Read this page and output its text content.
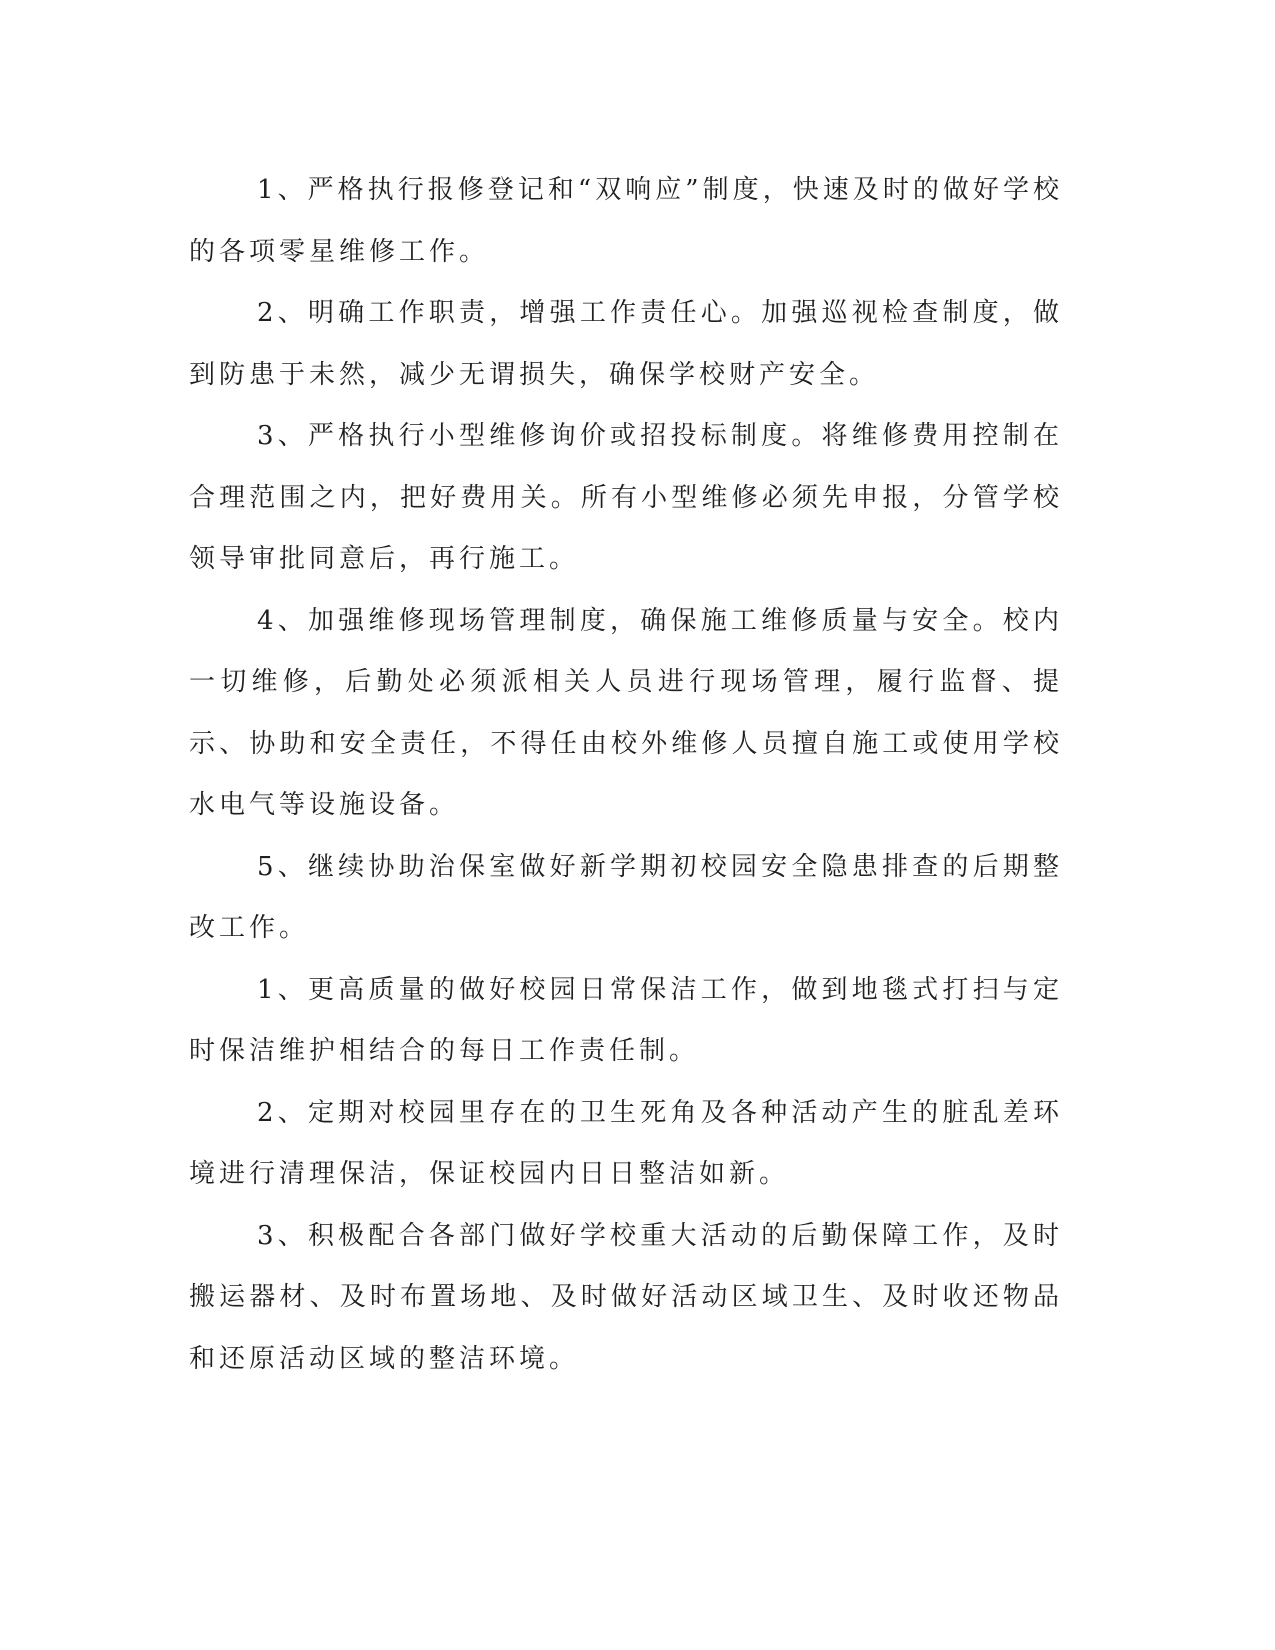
1、严格执行报修登记和“双响应”制度，快速及时的做好学校的各项零星维修工作。

2、明确工作职责，增强工作责任心。加强巡视检查制度，做到防患于未然，减少无谓损失，确保学校财产安全。

3、严格执行小型维修询价或招投标制度。将维修费用控制在合理范围之内，把好费用关。所有小型维修必须先申报，分管学校领导审批同意后，再行施工。

4、加强维修现场管理制度，确保施工维修质量与安全。校内一切维修，后勤处必须派相关人员进行现场管理，履行监督、提示、协助和安全责任，不得任由校外维修人员擅自施工或使用学校水电气等设施设备。

5、继续协助治保室做好新学期初校园安全隐患排查的后期整改工作。

1、更高质量的做好校园日常保洁工作，做到地毯式打扫与定时保洁维护相结合的每日工作责任制。

2、定期对校园里存在的卫生死角及各种活动产生的脏乱差环境进行清理保洁，保证校园内日日整洁如新。

3、积极配合各部门做好学校重大活动的后勤保障工作，及时搬运器材、及时布置场地、及时做好活动区域卫生、及时收还物品和还原活动区域的整洁环境。
